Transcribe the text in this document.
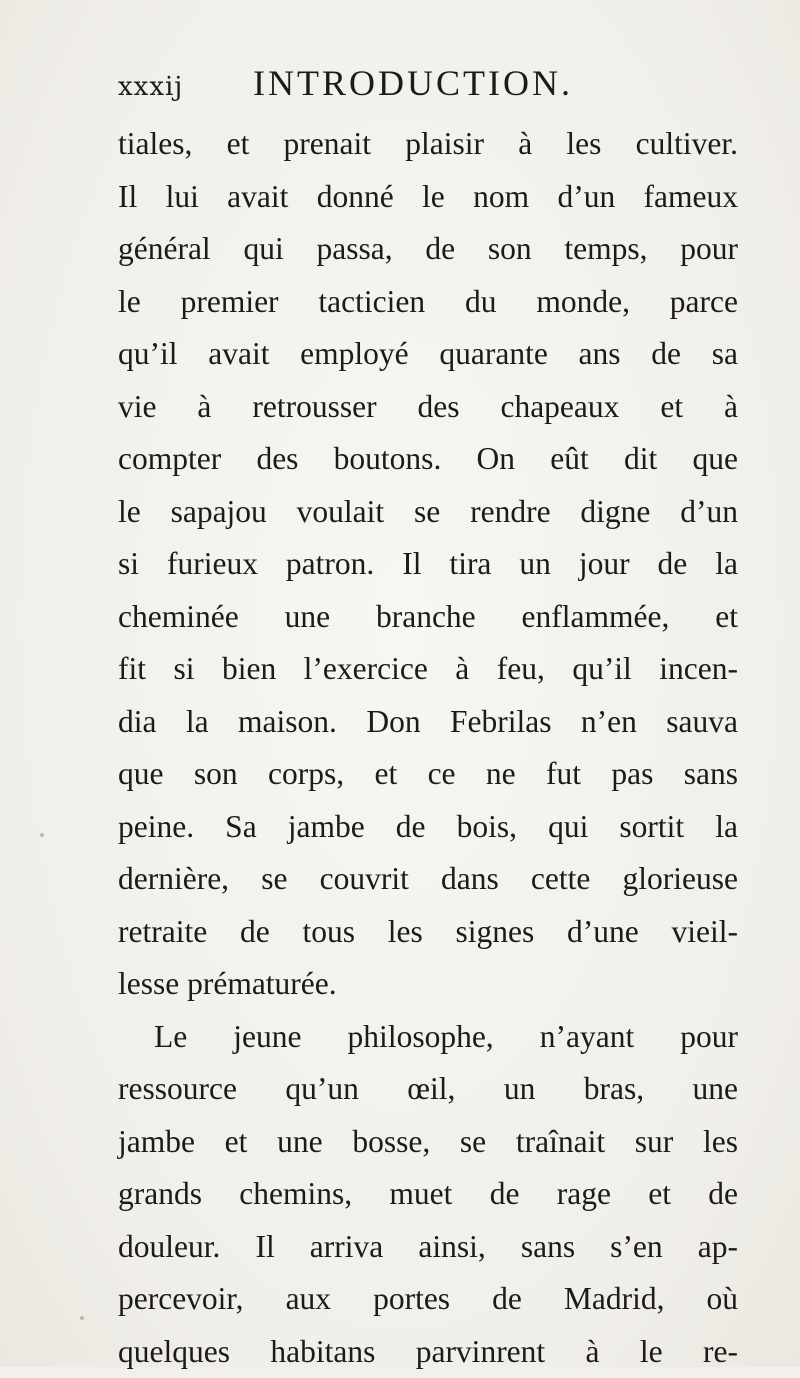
xxxij INTRODUCTION.
tiales, et prenait plaisir à les cultiver.
Il lui avait donné le nom d’un fameux
général qui passa, de son temps, pour
le premier tacticien du monde, parce
qu’il avait employé quarante ans de sa
vie à retrousser des chapeaux et à
compter des boutons. On eût dit que
le sapajou voulait se rendre digne d’un
si furieux patron. Il tira un jour de la
cheminée une branche enflammée, et
fit si bien l’exercice à feu, qu’il incen-
dia la maison. Don Febrilas n’en sauva
que son corps, et ce ne fut pas sans
peine. Sa jambe de bois, qui sortit la
dernière, se couvrit dans cette glorieuse
retraite de tous les signes d’une vieil-
lesse prématurée.
Le jeune philosophe, n’ayant pour
ressource qu’un œil, un bras, une
jambe et une bosse, se traînait sur les
grands chemins, muet de rage et de
douleur. Il arriva ainsi, sans s’en ap-
percevoir, aux portes de Madrid, où
quelques habitans parvinrent à le re-
